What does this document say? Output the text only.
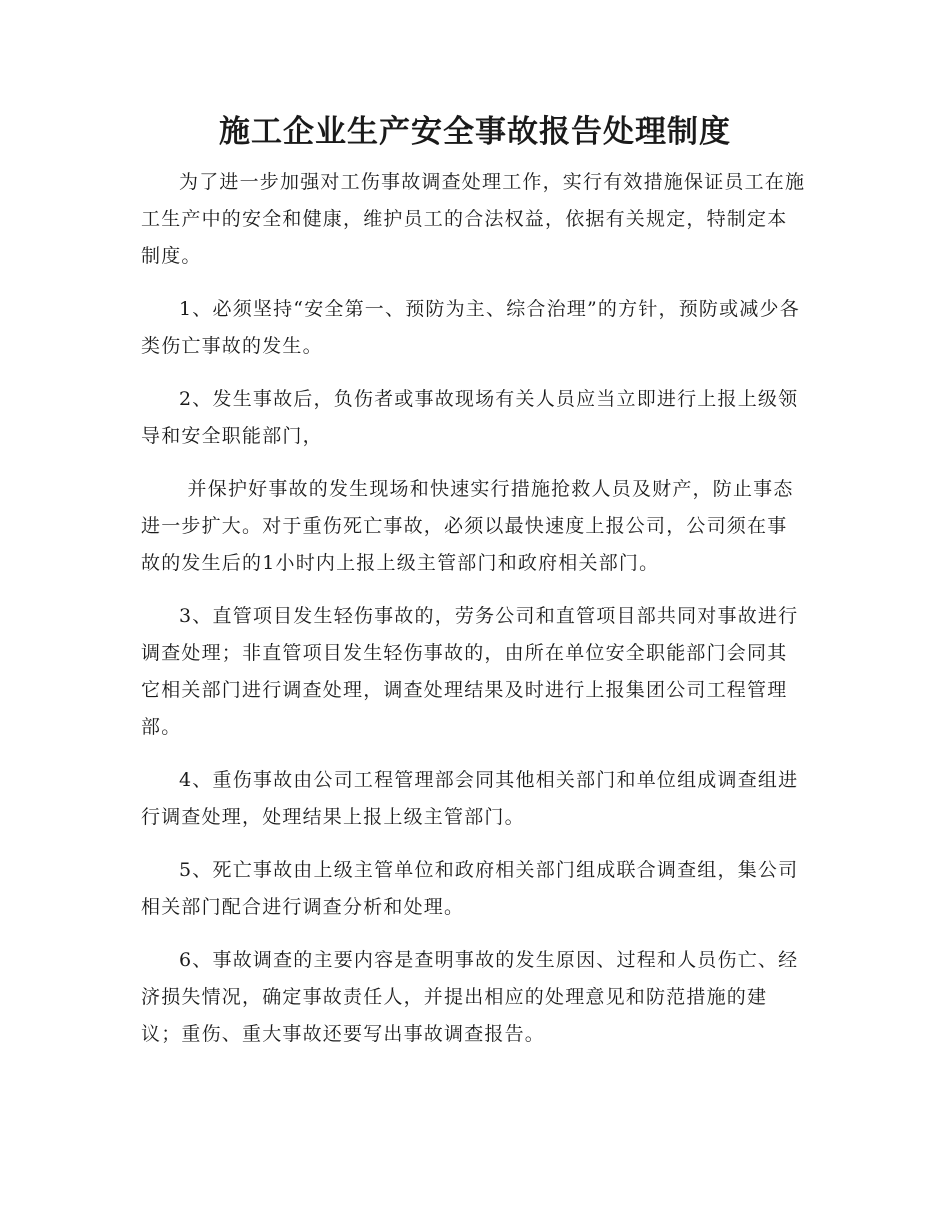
施工企业生产安全事故报告处理制度

为了进一步加强对工伤事故调查处理工作，实行有效措施保证员工在施工生产中的安全和健康，维护员工的合法权益，依据有关规定，特制定本制度。

1、必须坚持“安全第一、预防为主、综合治理”的方针，预防或减少各类伤亡事故的发生。

2、发生事故后，负伤者或事故现场有关人员应当立即进行上报上级领导和安全职能部门，

并保护好事故的发生现场和快速实行措施抢救人员及财产，防止事态进一步扩大。对于重伤死亡事故，必须以最快速度上报公司，公司须在事故的发生后的1小时内上报上级主管部门和政府相关部门。

3、直管项目发生轻伤事故的，劳务公司和直管项目部共同对事故进行调查处理；非直管项目发生轻伤事故的，由所在单位安全职能部门会同其它相关部门进行调查处理，调查处理结果及时进行上报集团公司工程管理部。

4、重伤事故由公司工程管理部会同其他相关部门和单位组成调查组进行调查处理，处理结果上报上级主管部门。

5、死亡事故由上级主管单位和政府相关部门组成联合调查组，集公司相关部门配合进行调查分析和处理。

6、事故调查的主要内容是查明事故的发生原因、过程和人员伤亡、经济损失情况，确定事故责任人，并提出相应的处理意见和防范措施的建议；重伤、重大事故还要写出事故调查报告。
